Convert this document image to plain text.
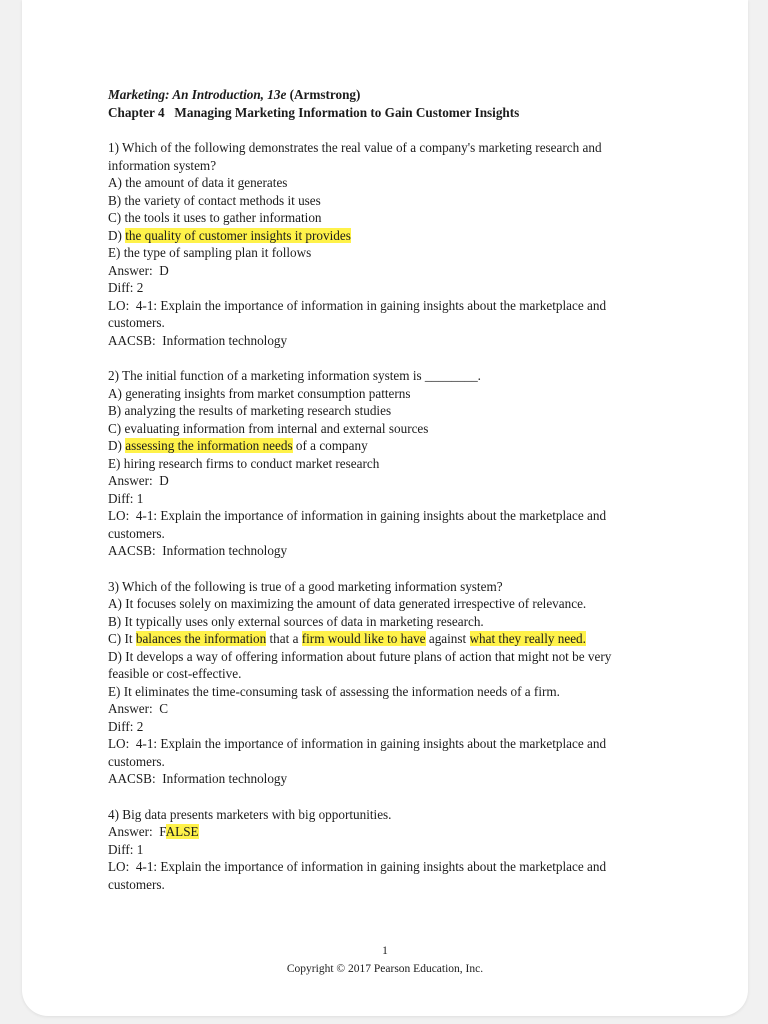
Marketing: An Introduction, 13e (Armstrong)
Chapter 4   Managing Marketing Information to Gain Customer Insights
1) Which of the following demonstrates the real value of a company's marketing research and
information system?
A) the amount of data it generates
B) the variety of contact methods it uses
C) the tools it uses to gather information
D) the quality of customer insights it provides
E) the type of sampling plan it follows
Answer:  D
Diff: 2
LO:  4-1: Explain the importance of information in gaining insights about the marketplace and
customers.
AACSB:  Information technology
2) The initial function of a marketing information system is ________.
A) generating insights from market consumption patterns
B) analyzing the results of marketing research studies
C) evaluating information from internal and external sources
D) assessing the information needs of a company
E) hiring research firms to conduct market research
Answer:  D
Diff: 1
LO:  4-1: Explain the importance of information in gaining insights about the marketplace and
customers.
AACSB:  Information technology
3) Which of the following is true of a good marketing information system?
A) It focuses solely on maximizing the amount of data generated irrespective of relevance.
B) It typically uses only external sources of data in marketing research.
C) It balances the information that a firm would like to have against what they really need.
D) It develops a way of offering information about future plans of action that might not be very
feasible or cost-effective.
E) It eliminates the time-consuming task of assessing the information needs of a firm.
Answer:  C
Diff: 2
LO:  4-1: Explain the importance of information in gaining insights about the marketplace and
customers.
AACSB:  Information technology
4) Big data presents marketers with big opportunities.
Answer:  FALSE
Diff: 1
LO:  4-1: Explain the importance of information in gaining insights about the marketplace and
customers.
1
Copyright © 2017 Pearson Education, Inc.
